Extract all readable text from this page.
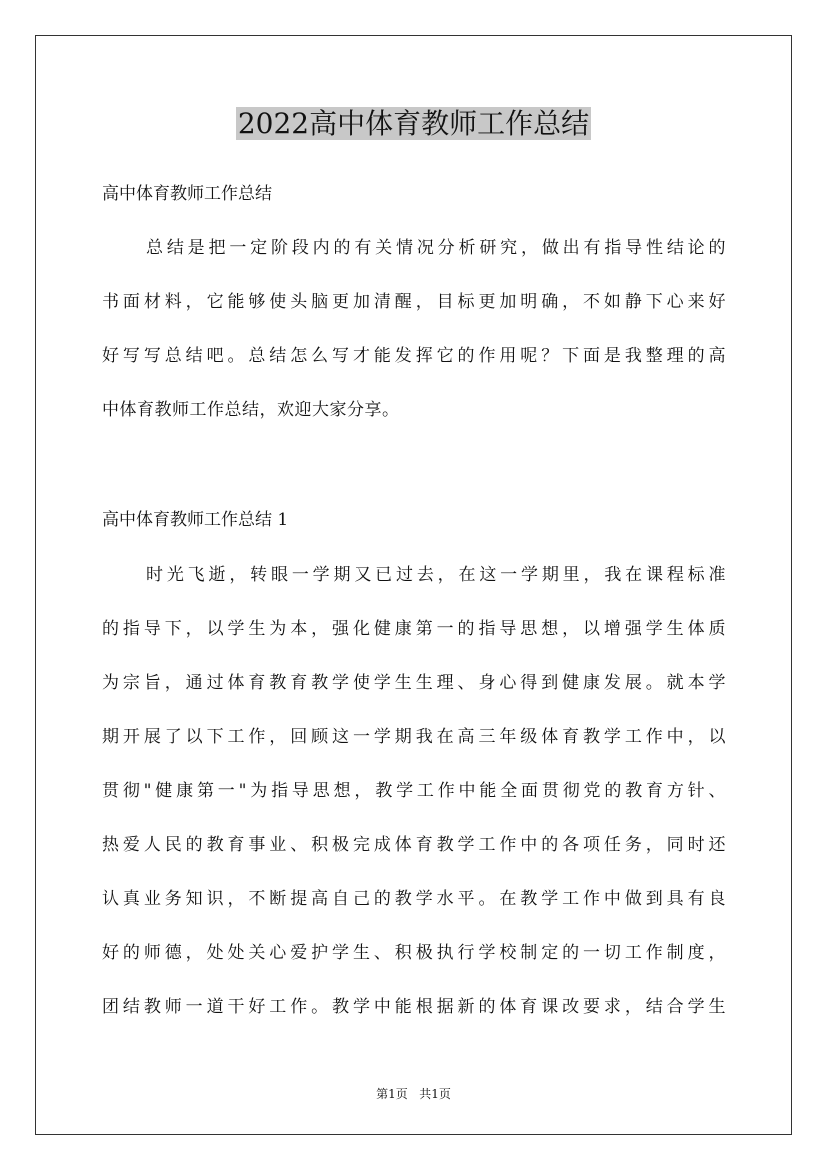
2022高中体育教师工作总结
高中体育教师工作总结
总结是把一定阶段内的有关情况分析研究，做出有指导性结论的
书面材料，它能够使头脑更加清醒，目标更加明确，不如静下心来好
好写写总结吧。总结怎么写才能发挥它的作用呢？下面是我整理的高
中体育教师工作总结，欢迎大家分享。
高中体育教师工作总结 1
时光飞逝，转眼一学期又已过去，在这一学期里，我在课程标准
的指导下，以学生为本，强化健康第一的指导思想，以增强学生体质
为宗旨，通过体育教育教学使学生生理、身心得到健康发展。就本学
期开展了以下工作，回顾这一学期我在高三年级体育教学工作中，以
贯彻"健康第一"为指导思想，教学工作中能全面贯彻党的教育方针、
热爱人民的教育事业、积极完成体育教学工作中的各项任务，同时还
认真业务知识，不断提高自己的教学水平。在教学工作中做到具有良
好的师德，处处关心爱护学生、积极执行学校制定的一切工作制度，
团结教师一道干好工作。教学中能根据新的体育课改要求，结合学生
第1页   共1页
